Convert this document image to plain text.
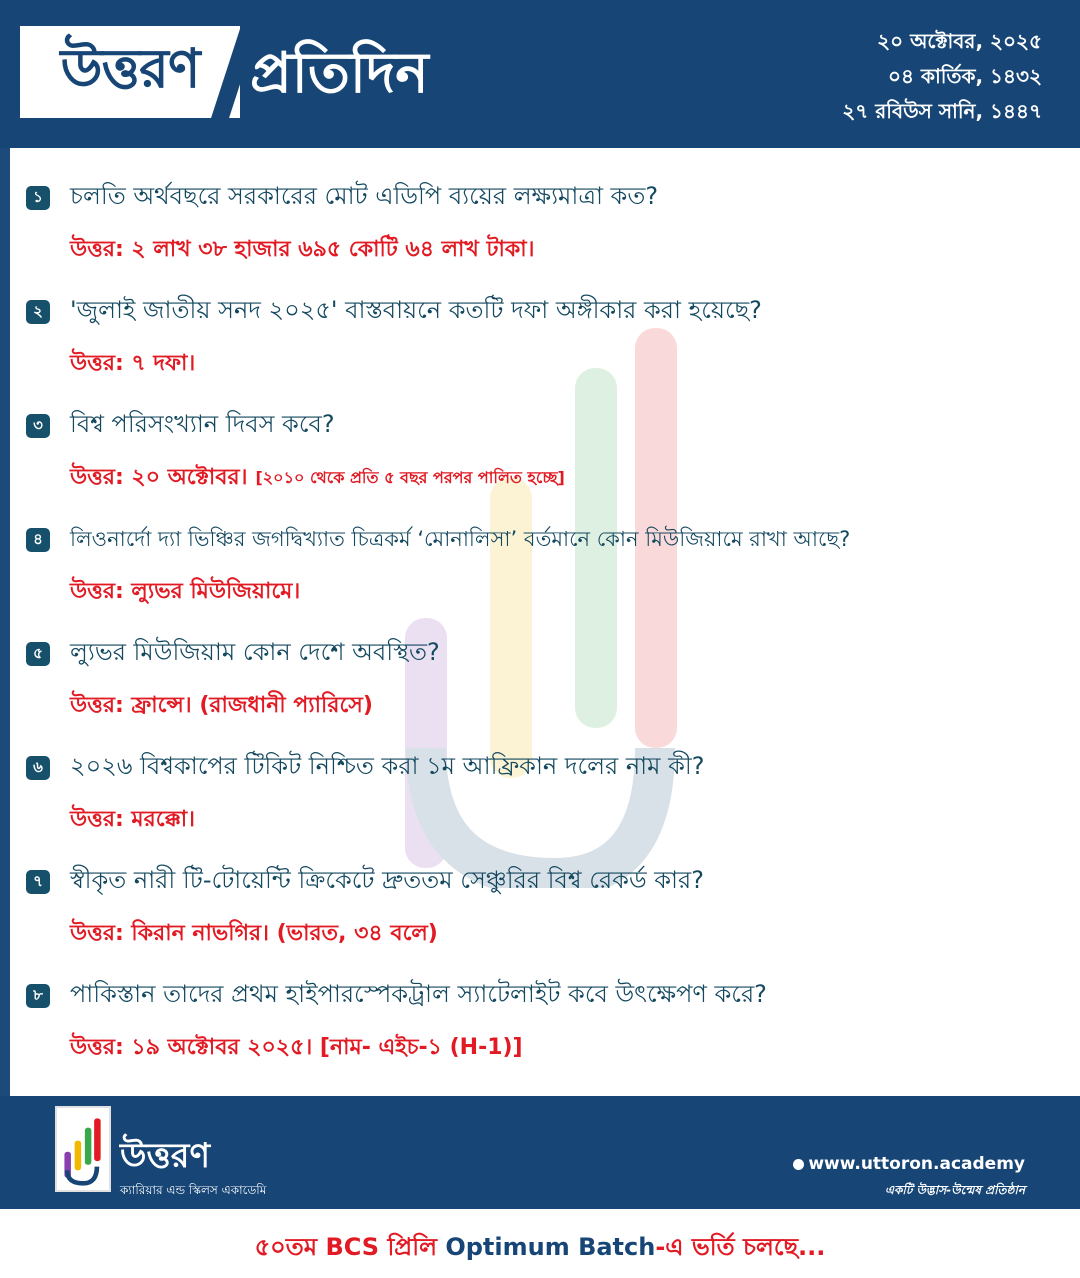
উত্তরণ প্রতিদিন	২০ অক্টোবর, ২০২৫
০৪ কার্তিক, ১৪৩২
২৭ রবিউস সানি, ১৪৪৭
১ চলতি অর্থবছরে সরকারের মোট এডিপি ব্যয়ের লক্ষ্যমাত্রা কত?
উত্তর: ২ লাখ ৩৮ হাজার ৬৯৫ কোটি ৬৪ লাখ টাকা।
২ 'জুলাই জাতীয় সনদ ২০২৫' বাস্তবায়নে কতটি দফা অঙ্গীকার করা হয়েছে?
উত্তর: ৭ দফা।
৩ বিশ্ব পরিসংখ্যান দিবস কবে?
উত্তর: ২০ অক্টোবর। [২০১০ থেকে প্রতি ৫ বছর পরপর পালিত হচ্ছে]
৪	লিওনার্দো দ্যা ভিঞ্চির জগদ্বিখ্যাত চিত্রকর্ম ‘মোনালিসা’ বর্তমানে কোন মিউজিয়ামে রাখা আছে?
উত্তর: ল্যুভর মিউজিয়ামে।
৫ ল্যুভর মিউজিয়াম কোন দেশে অবস্থিত?
উত্তর: ফ্রান্সে। (রাজধানী প্যারিসে)
৬ ২০২৬ বিশ্বকাপের টিকিট নিশ্চিত করা ১ম আফ্রিকান দলের নাম কী?
উত্তর: মরক্কো।
৭ স্বীকৃত নারী টি-টোয়েন্টি ক্রিকেটে দ্রুততম সেঞ্চুরির বিশ্ব রেকর্ড কার?
উত্তর: কিরান নাভগির। (ভারত, ৩৪ বলে)
৮ পাকিস্তান তাদের প্রথম হাইপারস্পেকট্রাল স্যাটেলাইট কবে উৎক্ষেপণ করে?
উত্তর: ১৯ অক্টোবর ২০২৫। [নাম- এইচ-১ (H-1)]
উত্তরণ
ক্যারিয়ার এন্ড স্কিলস একাডেমি
www.uttoron.academy
একটি উদ্ভাস-উন্মেষ প্রতিষ্ঠান
৫০তম BCS প্রিলি Optimum Batch-এ ভর্তি চলছে...
